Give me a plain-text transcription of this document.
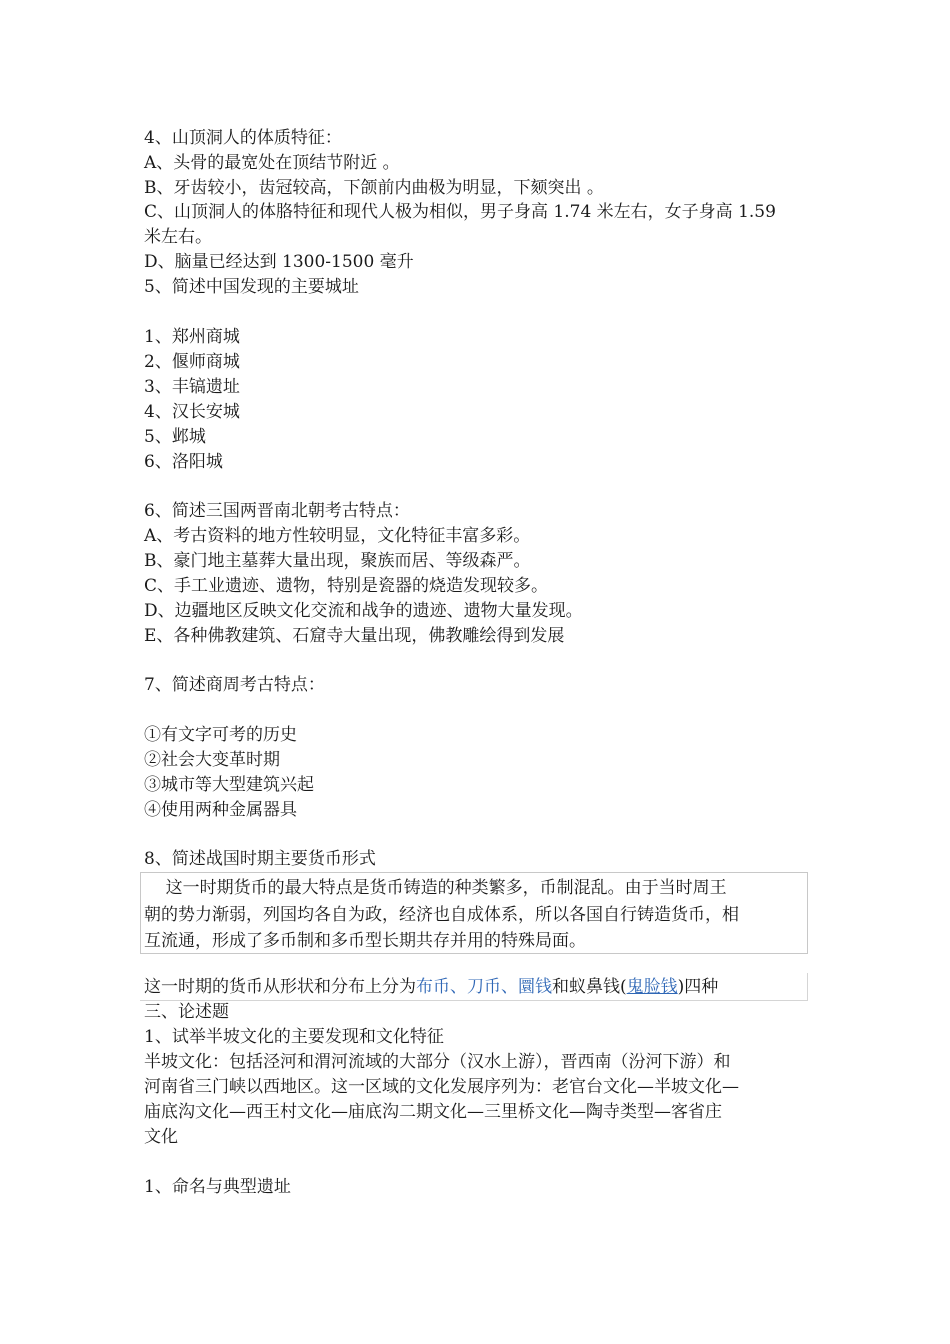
4、山顶洞人的体质特征：
A、头骨的最宽处在顶结节附近 。
B、牙齿较小，齿冠较高，下颌前内曲极为明显，下颏突出 。
C、山顶洞人的体胳特征和现代人极为相似，男子身高 1.74 米左右，女子身高 1.59
米左右。
D、脑量已经达到 1300-1500 毫升
5、简述中国发现的主要城址
1、郑州商城
2、偃师商城
3、丰镐遗址
4、汉长安城
5、邺城
6、洛阳城
6、简述三国两晋南北朝考古特点：
A、考古资料的地方性较明显，文化特征丰富多彩。
B、豪门地主墓葬大量出现，聚族而居、等级森严。
C、手工业遗迹、遗物，特别是瓷器的烧造发现较多。
D、边疆地区反映文化交流和战争的遗迹、遗物大量发现。
E、各种佛教建筑、石窟寺大量出现，佛教雕绘得到发展
7、简述商周考古特点：
①有文字可考的历史
②社会大变革时期
③城市等大型建筑兴起
④使用两种金属器具
8、简述战国时期主要货币形式
这一时期货币的最大特点是货币铸造的种类繁多，币制混乱。由于当时周王
朝的势力渐弱，列国均各自为政，经济也自成体系，所以各国自行铸造货币，相
互流通，形成了多币制和多币型长期共存并用的特殊局面。
这一时期的货币从形状和分布上分为布币、刀币、圜钱和蚁鼻钱(鬼脸钱)四种
三、论述题
1、试举半坡文化的主要发现和文化特征
半坡文化：包括泾河和渭河流域的大部分（汉水上游），晋西南（汾河下游）和
河南省三门峡以西地区。这一区域的文化发展序列为：老官台文化—半坡文化—
庙底沟文化—西王村文化—庙底沟二期文化—三里桥文化—陶寺类型—客省庄
文化
1、命名与典型遗址
